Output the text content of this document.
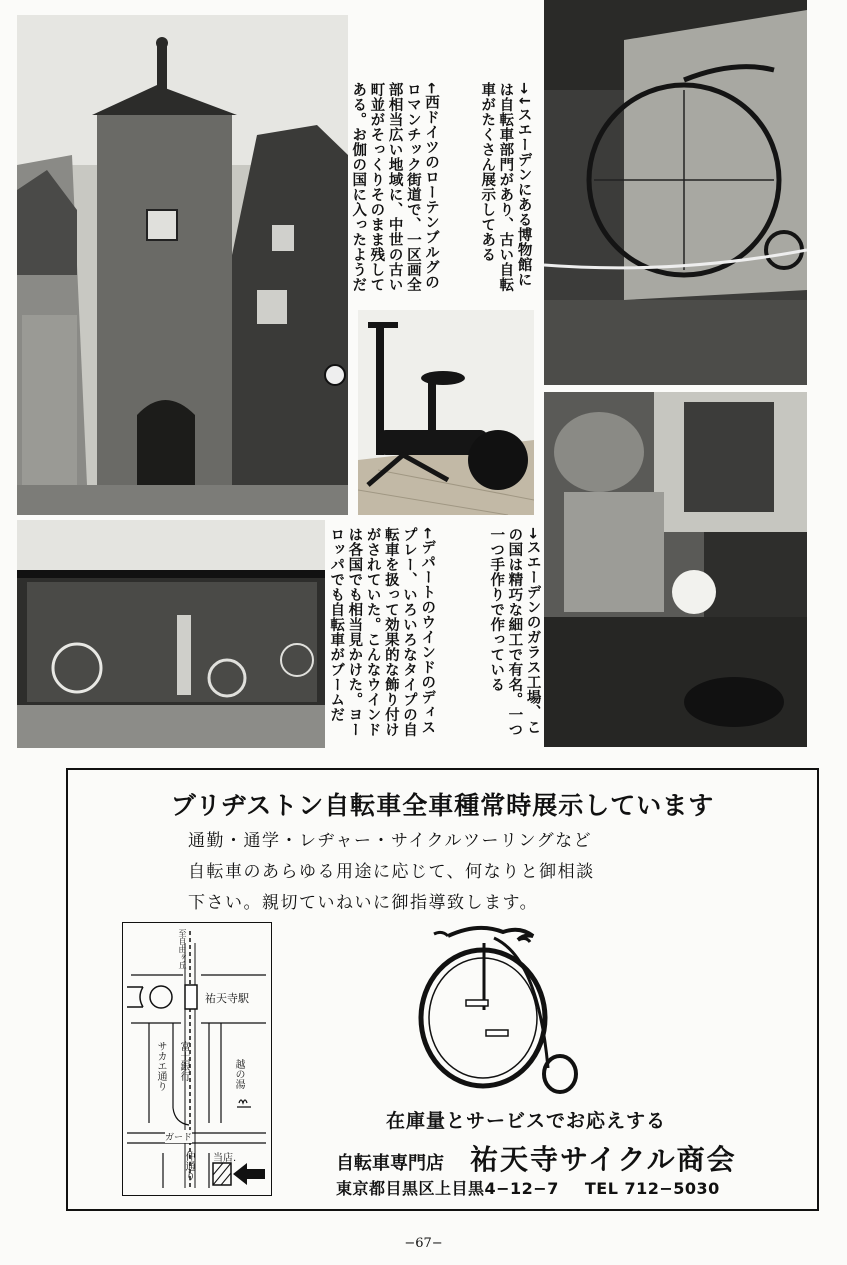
→↓スエーデンにある博物館に
は自転車部門があり、古い自転
車がたくさん展示してある
←西ドイツのローテンブルグの
ロマンチック街道で、一区画全
部相当広い地域に、中世の古い
町並がそっくりそのまま残して
ある。お伽の国に入ったようだ
→スエーデンのガラス工場、こ
の国は精巧な細工で有名。一つ
一つ手作りで作っている
←デパートのウインドのディス
プレー、いろいろなタイプの自
転車を扱って効果的な飾り付け
がされていた。こんなウインド
は各国でも相当見かけた。ヨー
ロッパでも自転車がブームだ
ブリヂストン自転車全車種常時展示しています
通勤・通学・レヂャー・サイクルツーリングなど
自転車のあらゆる用途に応じて、何なりと御相談
下さい。親切ていねいに御指導致します。
至自由ヶ丘
祐天寺駅
サカエ通り 富士銀行	越の湯
ガード
当店.
仲通り
在庫量とサービスでお応えする
自転車専門店 祐天寺サイクル商会
東京都目黒区上目黒4−12−7 TEL 712−5030
−67−
